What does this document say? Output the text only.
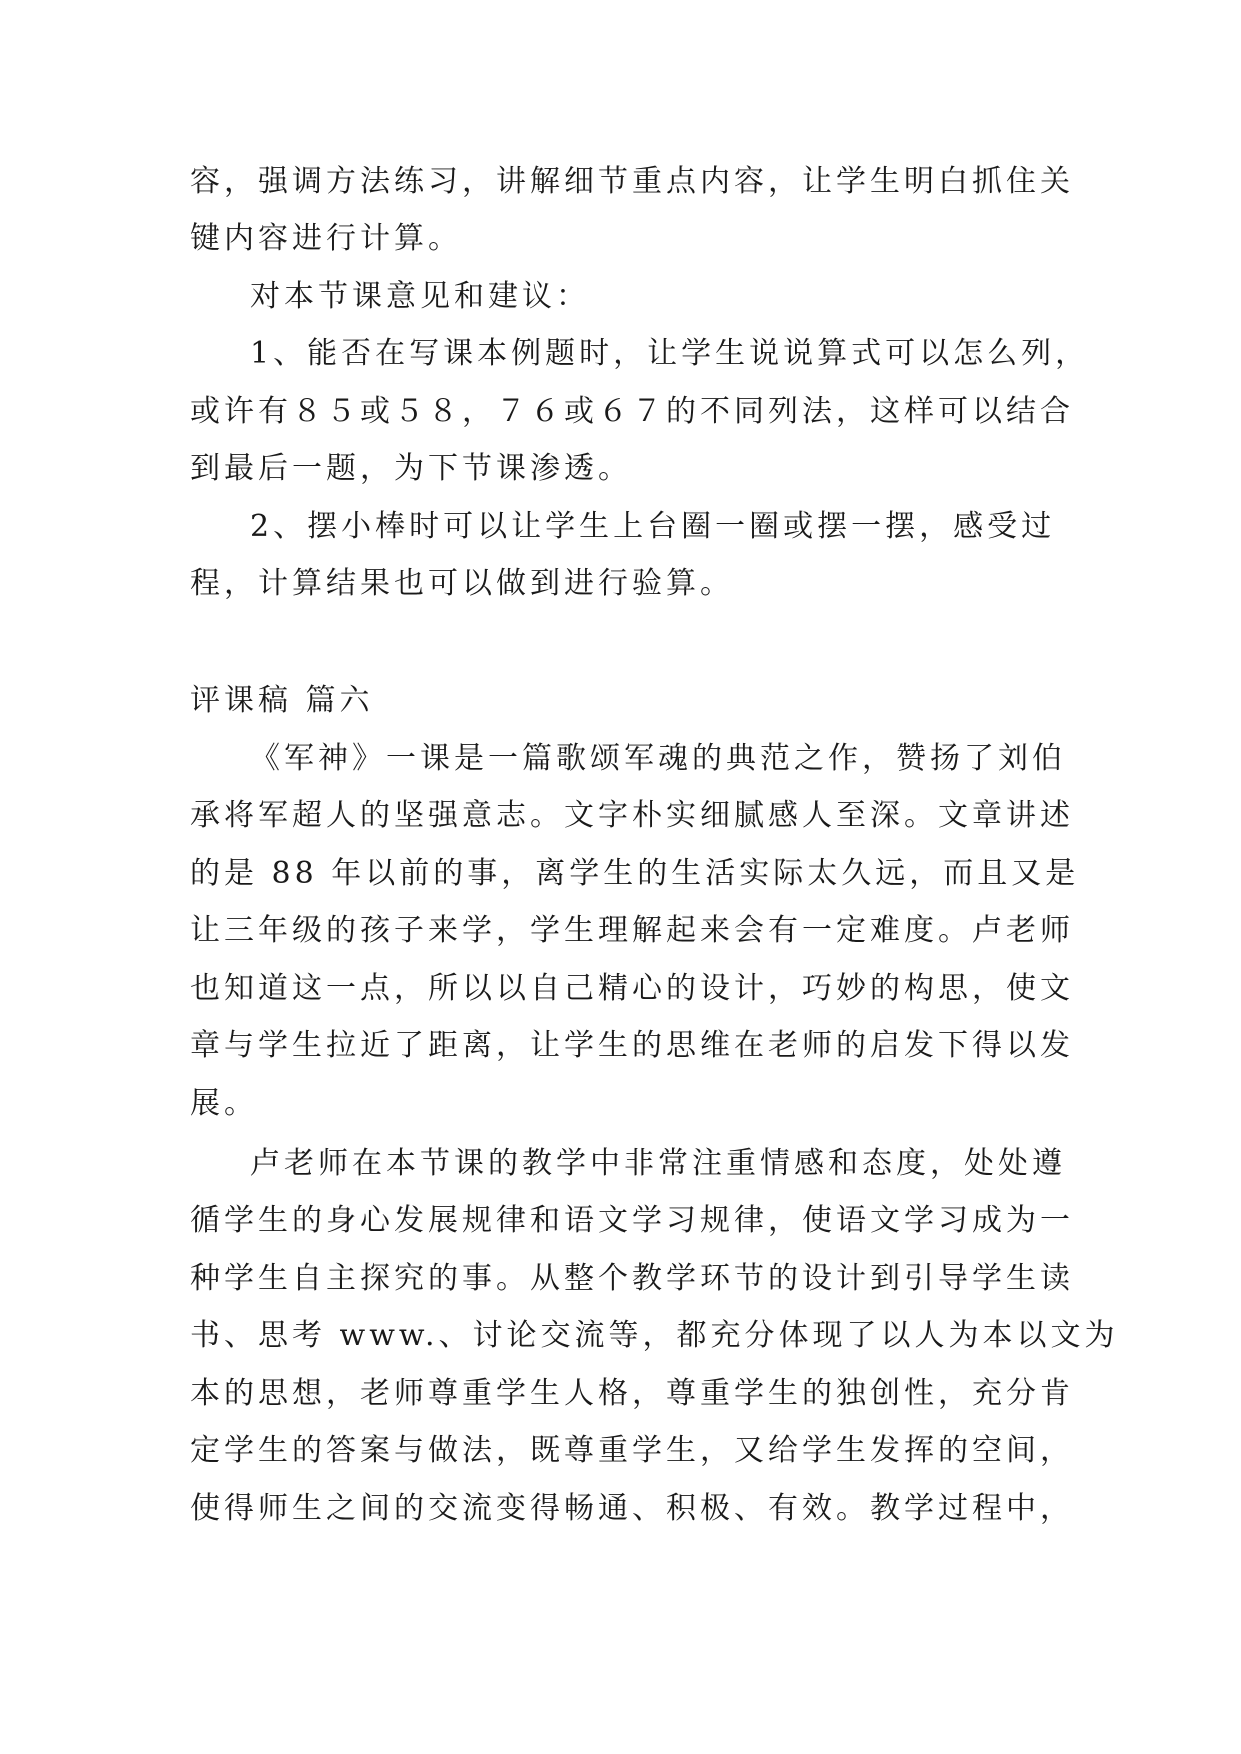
容，强调方法练习，讲解细节重点内容，让学生明白抓住关
键内容进行计算。
对本节课意见和建议：
1、能否在写课本例题时，让学生说说算式可以怎么列，
或许有８５或５８，７６或６７的不同列法，这样可以结合
到最后一题，为下节课渗透。
2、摆小棒时可以让学生上台圈一圈或摆一摆，感受过
程，计算结果也可以做到进行验算。
评课稿 篇六
《军神》一课是一篇歌颂军魂的典范之作，赞扬了刘伯
承将军超人的坚强意志。文字朴实细腻感人至深。文章讲述
的是 88 年以前的事，离学生的生活实际太久远，而且又是
让三年级的孩子来学，学生理解起来会有一定难度。卢老师
也知道这一点，所以以自己精心的设计，巧妙的构思，使文
章与学生拉近了距离，让学生的思维在老师的启发下得以发
展。
卢老师在本节课的教学中非常注重情感和态度，处处遵
循学生的身心发展规律和语文学习规律，使语文学习成为一
种学生自主探究的事。从整个教学环节的设计到引导学生读
书、思考 www.、讨论交流等，都充分体现了以人为本以文为
本的思想，老师尊重学生人格，尊重学生的独创性，充分肯
定学生的答案与做法，既尊重学生，又给学生发挥的空间，
使得师生之间的交流变得畅通、积极、有效。教学过程中，
